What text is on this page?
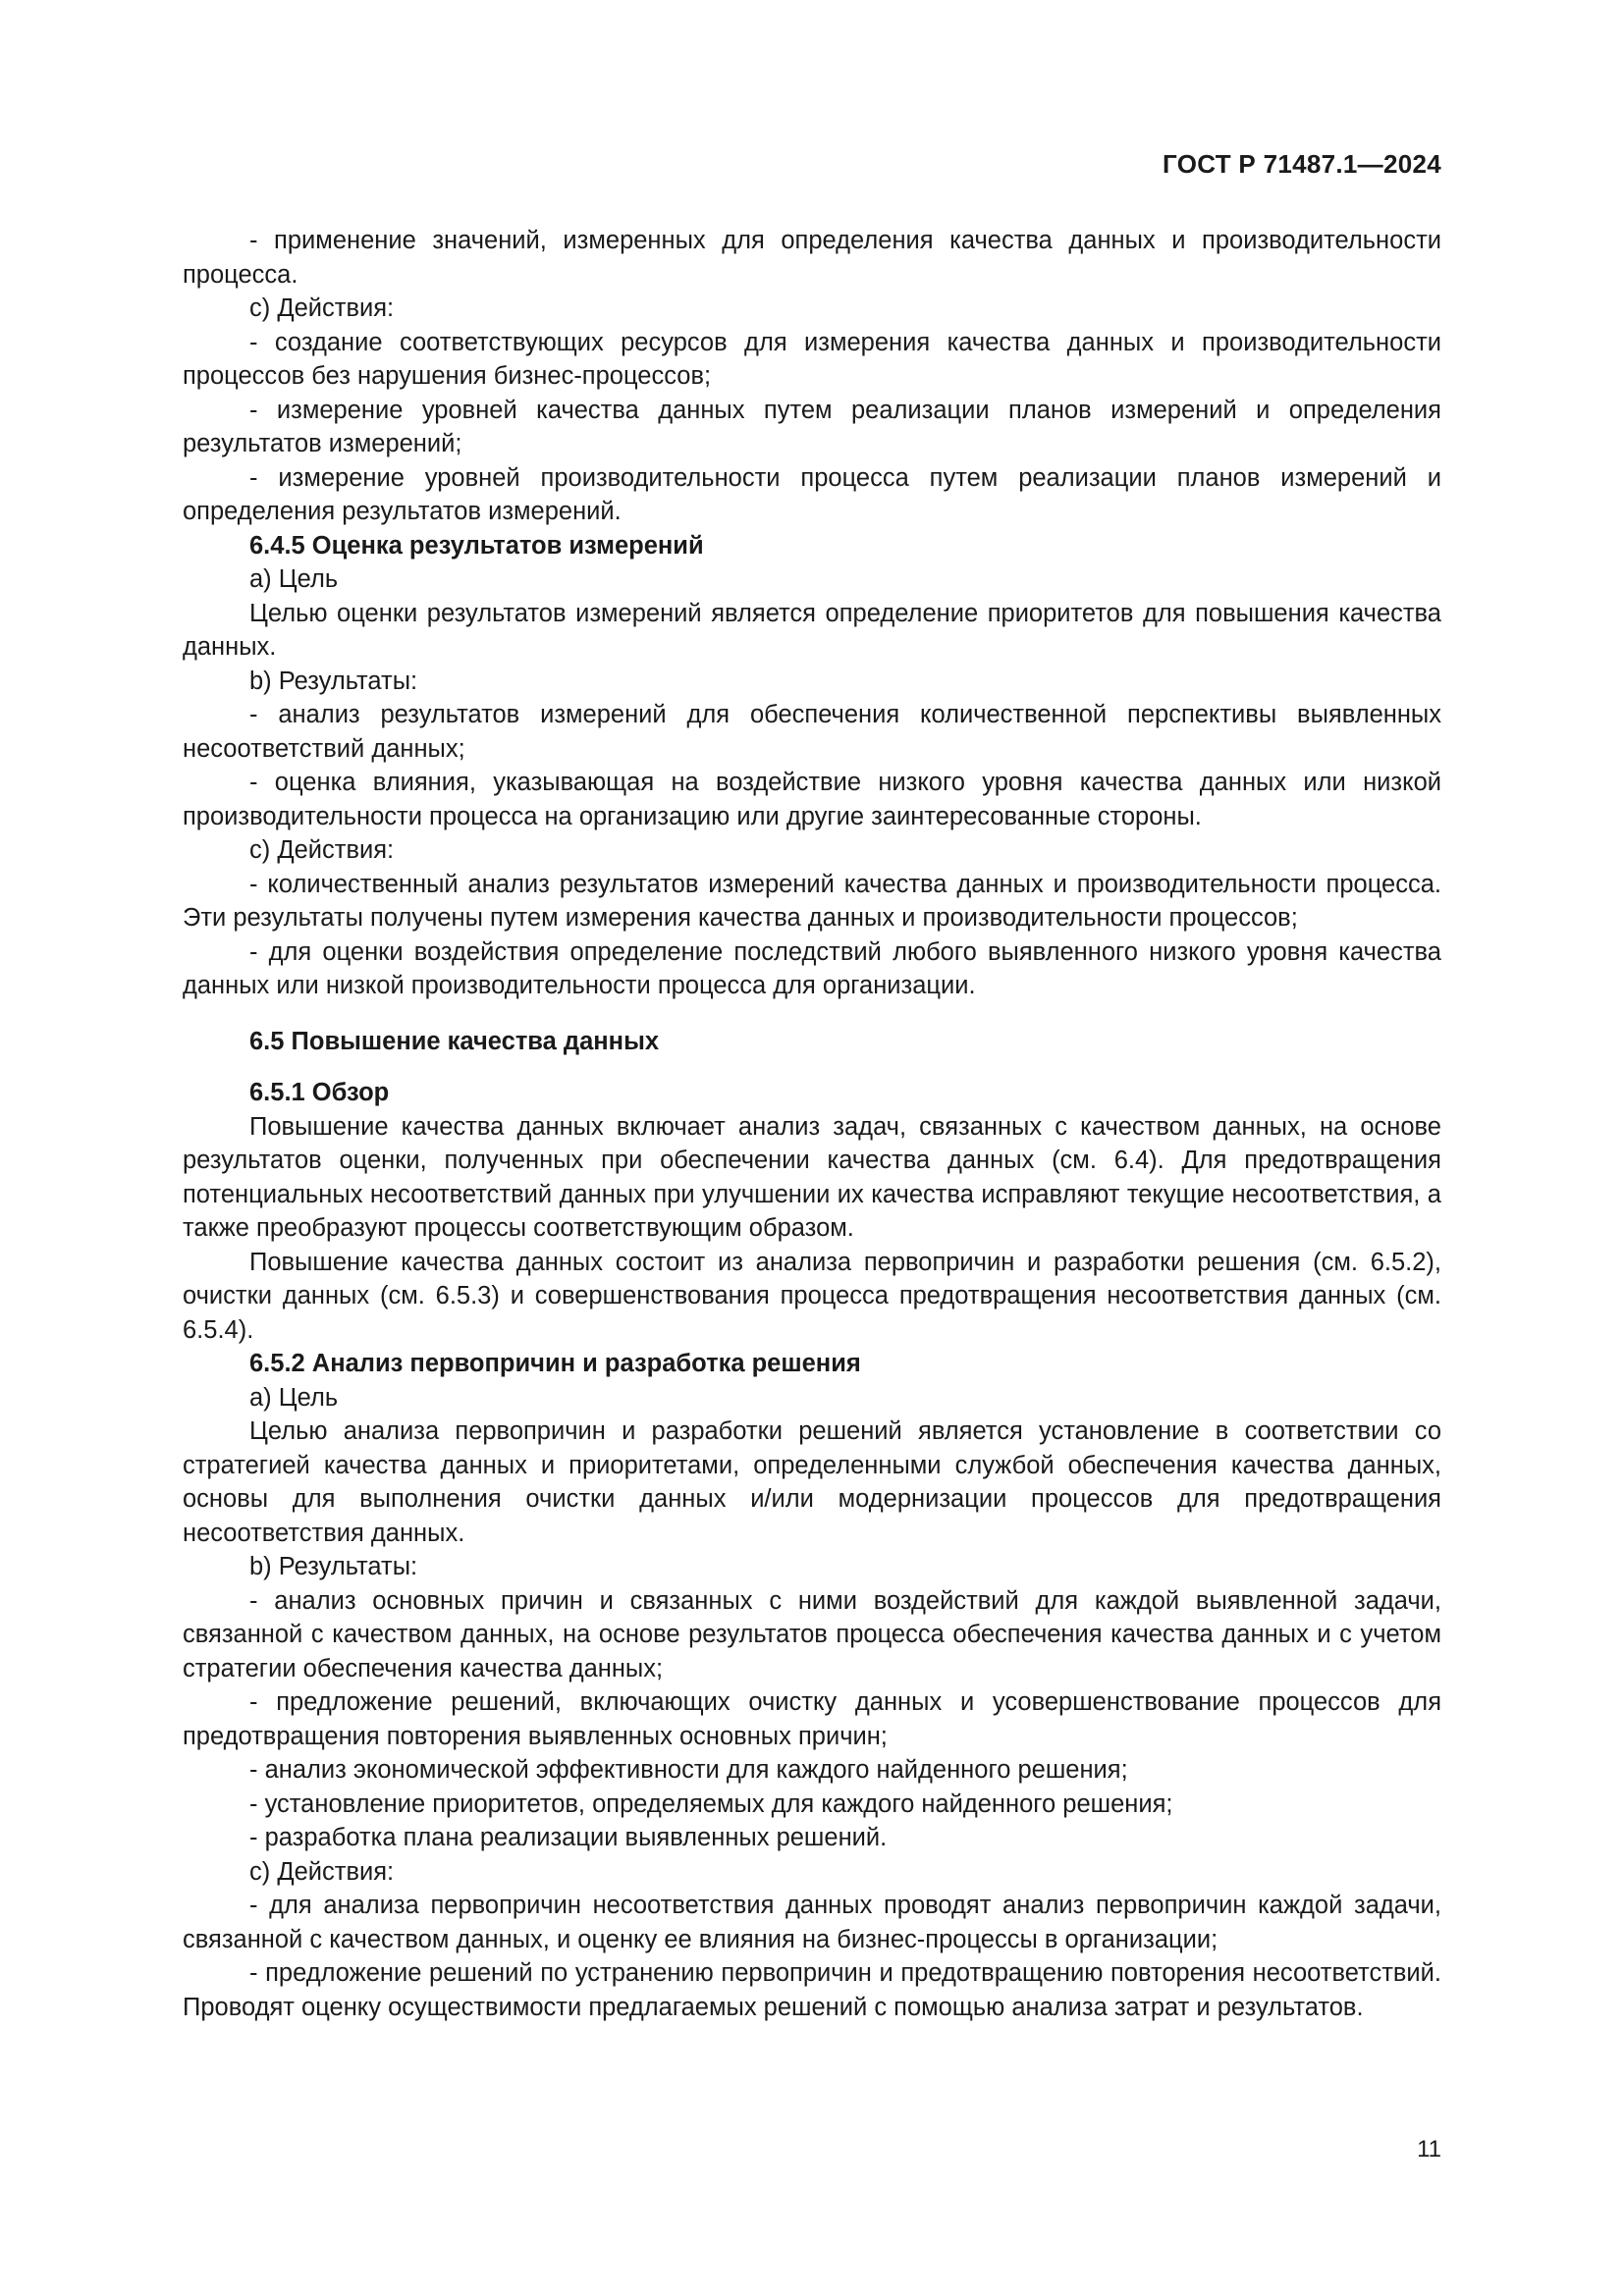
ГОСТ Р 71487.1—2024

- применение значений, измеренных для определения качества данных и производительности процесса.

c) Действия:

- создание соответствующих ресурсов для измерения качества данных и производительности процессов без нарушения бизнес-процессов;

- измерение уровней качества данных путем реализации планов измерений и определения результатов измерений;

- измерение уровней производительности процесса путем реализации планов измерений и определения результатов измерений.

6.4.5 Оценка результатов измерений

a) Цель

Целью оценки результатов измерений является определение приоритетов для повышения качества данных.

b) Результаты:

- анализ результатов измерений для обеспечения количественной перспективы выявленных несоответствий данных;

- оценка влияния, указывающая на воздействие низкого уровня качества данных или низкой производительности процесса на организацию или другие заинтересованные стороны.

c) Действия:

- количественный анализ результатов измерений качества данных и производительности процесса. Эти результаты получены путем измерения качества данных и производительности процессов;

- для оценки воздействия определение последствий любого выявленного низкого уровня качества данных или низкой производительности процесса для организации.

6.5 Повышение качества данных

6.5.1 Обзор

Повышение качества данных включает анализ задач, связанных с качеством данных, на основе результатов оценки, полученных при обеспечении качества данных (см. 6.4). Для предотвращения потенциальных несоответствий данных при улучшении их качества исправляют текущие несоответствия, а также преобразуют процессы соответствующим образом.

Повышение качества данных состоит из анализа первопричин и разработки решения (см. 6.5.2), очистки данных (см. 6.5.3) и совершенствования процесса предотвращения несоответствия данных (см. 6.5.4).

6.5.2 Анализ первопричин и разработка решения

a) Цель

Целью анализа первопричин и разработки решений является установление в соответствии со стратегией качества данных и приоритетами, определенными службой обеспечения качества данных, основы для выполнения очистки данных и/или модернизации процессов для предотвращения несоответствия данных.

b) Результаты:

- анализ основных причин и связанных с ними воздействий для каждой выявленной задачи, связанной с качеством данных, на основе результатов процесса обеспечения качества данных и с учетом стратегии обеспечения качества данных;

- предложение решений, включающих очистку данных и усовершенствование процессов для предотвращения повторения выявленных основных причин;

- анализ экономической эффективности для каждого найденного решения;

- установление приоритетов, определяемых для каждого найденного решения;

- разработка плана реализации выявленных решений.

c) Действия:

- для анализа первопричин несоответствия данных проводят анализ первопричин каждой задачи, связанной с качеством данных, и оценку ее влияния на бизнес-процессы в организации;

- предложение решений по устранению первопричин и предотвращению повторения несоответствий. Проводят оценку осуществимости предлагаемых решений с помощью анализа затрат и результатов.

11
